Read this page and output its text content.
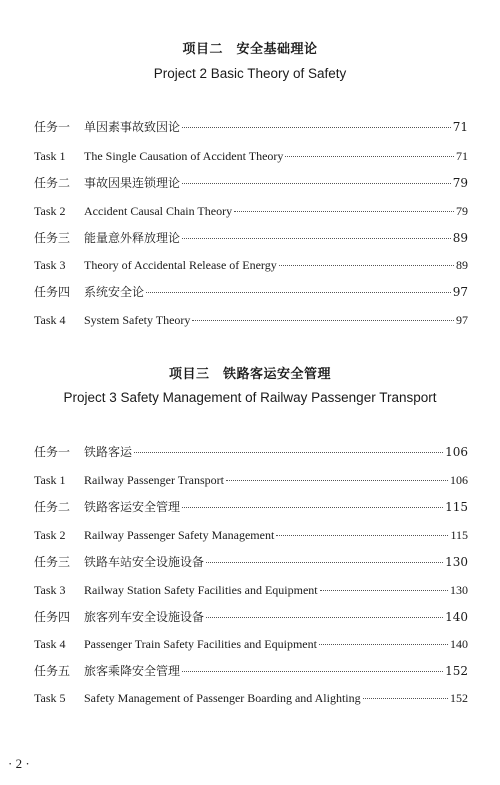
项目二　安全基础理论
Project 2 Basic Theory of Safety
任务一	单因素事故致因论	71
Task 1	The Single Causation of Accident Theory	71
任务二	事故因果连锁理论	79
Task 2	Accident Causal Chain Theory	79
任务三	能量意外释放理论	89
Task 3	Theory of Accidental Release of Energy	89
任务四	系统安全论	97
Task 4	System Safety Theory	97
项目三　铁路客运安全管理
Project 3 Safety Management of Railway Passenger Transport
任务一	铁路客运	106
Task 1	Railway Passenger Transport	106
任务二	铁路客运安全管理	115
Task 2	Railway Passenger Safety Management	115
任务三	铁路车站安全设施设备	130
Task 3	Railway Station Safety Facilities and Equipment	130
任务四	旅客列车安全设施设备	140
Task 4	Passenger Train Safety Facilities and Equipment	140
任务五	旅客乘降安全管理	152
Task 5	Safety Management of Passenger Boarding and Alighting	152
· 2 ·
